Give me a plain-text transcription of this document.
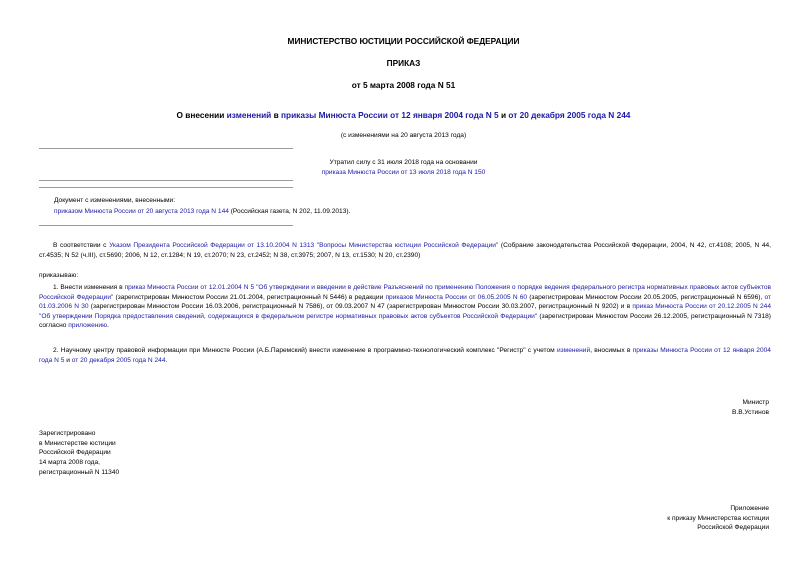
МИНИСТЕРСТВО ЮСТИЦИИ РОССИЙСКОЙ ФЕДЕРАЦИИ
ПРИКАЗ
от 5 марта 2008 года N 51
О внесении изменений в приказы Минюста России от 12 января 2004 года N 5 и от 20 декабря 2005 года N 244
(с изменениями на 20 августа 2013 года)
Утратил силу с 31 июля 2018 года на основании
приказа Минюста России от 13 июля 2018 года N 150
Документ с изменениями, внесенными:
приказом Минюста России от 20 августа 2013 года N 144 (Российская газета, N 202, 11.09.2013).
В соответствии с Указом Президента Российской Федерации от 13.10.2004 N 1313 "Вопросы Министерства юстиции Российской Федерации" (Собрание законодательства Российской Федерации, 2004, N 42, ст.4108; 2005, N 44, ст.4535; N 52 (ч.III), ст.5690; 2006, N 12, ст.1284; N 19, ст.2070; N 23, ст.2452; N 38, ст.3975; 2007, N 13, ст.1530; N 20, ст.2390)
приказываю:
1. Внести изменения в приказ Минюста России от 12.01.2004 N 5 "Об утверждении и введении в действие Разъяснений по применению Положения о порядке ведения федерального регистра нормативных правовых актов субъектов Российской Федерации" (зарегистрирован Минюстом России 21.01.2004, регистрационный N 5446) в редакции приказов Минюста России от 06.05.2005 N 60 (зарегистрирован Минюстом России 20.05.2005, регистрационный N 6596), от 01.03.2006 N 30 (зарегистрирован Минюстом России 16.03.2006, регистрационный N 7586), от 09.03.2007 N 47 (зарегистрирован Минюстом России 30.03.2007, регистрационный N 9202) и в приказ Минюста России от 20.12.2005 N 244 "Об утверждении Порядка предоставления сведений, содержащихся в федеральном регистре нормативных правовых актов субъектов Российской Федерации" (зарегистрирован Минюстом России 26.12.2005, регистрационный N 7318) согласно приложению.
2. Научному центру правовой информации при Минюсте России (А.Б.Паремский) внести изменение в программно-технологический комплекс "Регистр" с учетом изменений, вносимых в приказы Минюста России от 12 января 2004 года N 5 и от 20 декабря 2005 года N 244.
Министр
В.В.Устинов
Зарегистрировано
в Министерстве юстиции
Российской Федерации
14 марта 2008 года,
регистрационный N 11340
Приложение
к приказу Министерства юстиции
Российской Федерации
